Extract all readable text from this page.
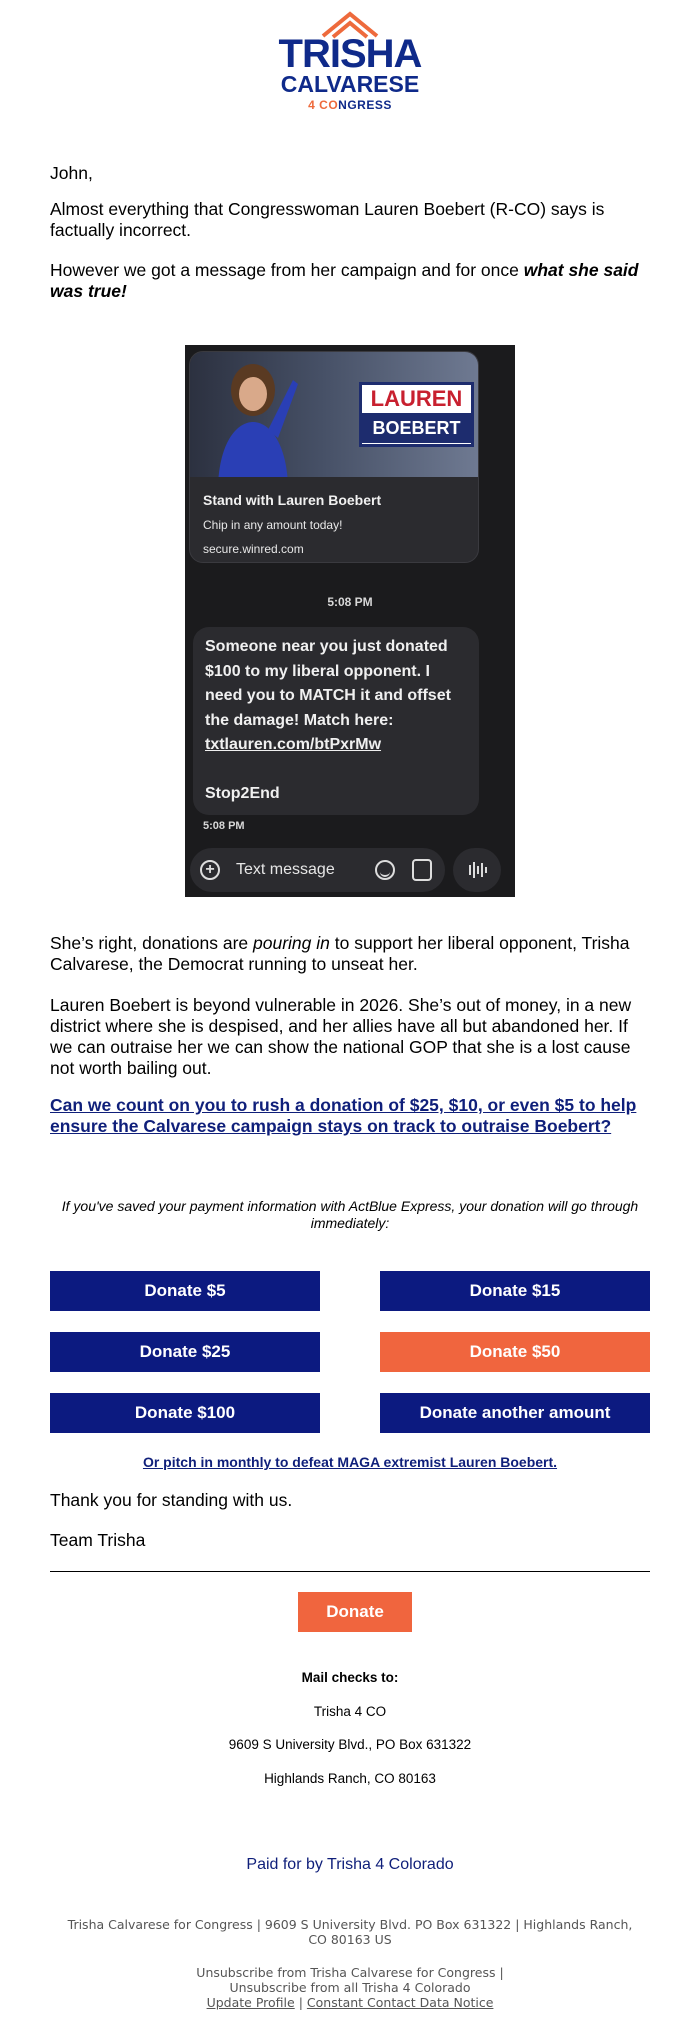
TRISHA
CALVARESE
4 CONGRESS
John,
Almost everything that Congresswoman Lauren Boebert (R-CO) says is factually incorrect.
However we got a message from her campaign and for once what she said was true!
LAUREN
BOEBERT
Stand with Lauren Boebert
Chip in any amount today!
secure.winred.com
5:08 PM
Someone near you just donated $100 to my liberal opponent. I need you to MATCH it and offset the damage! Match here:
txtlauren.com/btPxrMw
Stop2End
5:08 PM
+	Text message
She’s right, donations are pouring in to support her liberal opponent, Trisha Calvarese, the Democrat running to unseat her.
Lauren Boebert is beyond vulnerable in 2026. She’s out of money, in a new district where she is despised, and her allies have all but abandoned her. If we can outraise her we can show the national GOP that she is a lost cause not worth bailing out.
Can we count on you to rush a donation of $25, $10, or even $5 to help ensure the Calvarese campaign stays on track to outraise Boebert?
If you've saved your payment information with ActBlue Express, your donation will go through immediately:
Donate $5	Donate $15
Donate $25	Donate $50
Donate $100	Donate another amount
Or pitch in monthly to defeat MAGA extremist Lauren Boebert.
Thank you for standing with us.
Team Trisha
Donate
Mail checks to:
Trisha 4 CO
9609 S University Blvd., PO Box 631322
Highlands Ranch, CO 80163
Paid for by Trisha 4 Colorado
Trisha Calvarese for Congress | 9609 S University Blvd. PO Box 631322 | Highlands Ranch, CO 80163 US
Unsubscribe from Trisha Calvarese for Congress |
Unsubscribe from all Trisha 4 Colorado
Update Profile | Constant Contact Data Notice
